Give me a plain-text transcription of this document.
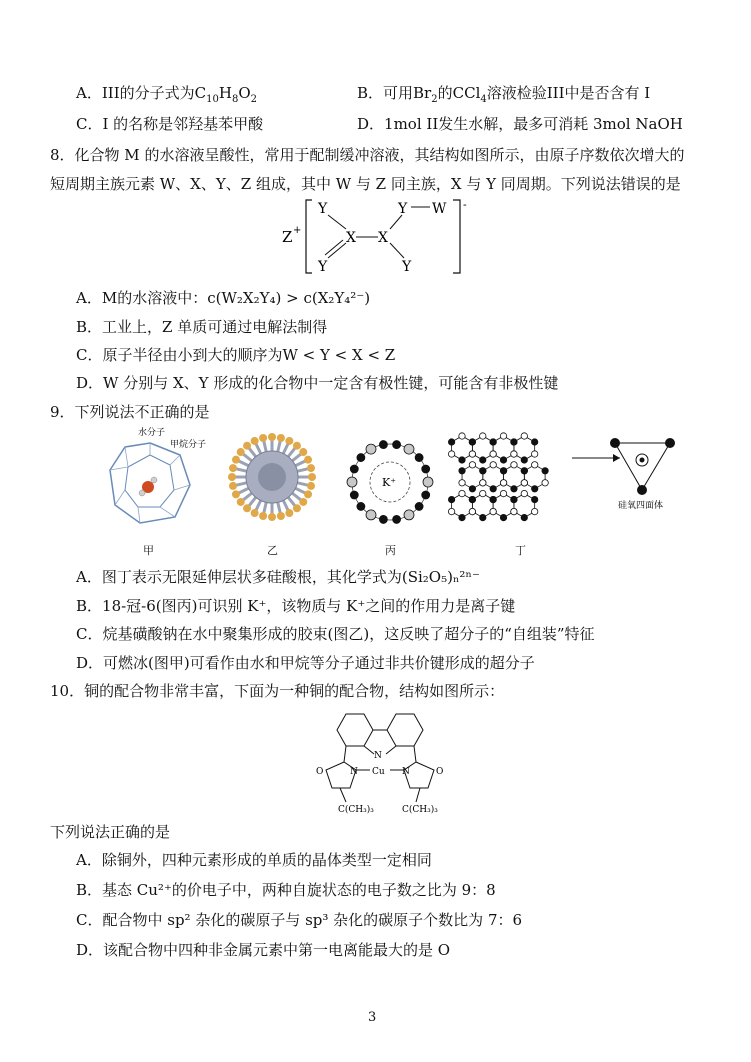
A．III的分子式为$C_{10}H_8O_2$	B．可用$Br_2$的CCl$_4$溶液检验III中是否含有 I
C．I 的名称是邻羟基苯甲酸	D．1mol II发生水解，最多可消耗 3mol NaOH
8．化合物 M 的水溶液呈酸性，常用于配制缓冲溶液，其结构如图所示，由原子序数依次增大的
短周期主族元素 W、X、Y、Z 组成，其中 W 与 Z 同主族，X 与 Y 同周期。下列说法错误的是
Z +
-
Y
Y
X X
Y
Y
W
A．M的水溶液中：c(W₂X₂Y₄) > c(X₂Y₄²⁻)
B．工业上，Z 单质可通过电解法制得
C．原子半径由小到大的顺序为W < Y < X < Z
D．W 分别与 X、Y 形成的化合物中一定含有极性键，可能含有非极性键
9．下列说法不正确的是
水分子
甲烷分子
甲	乙
K⁺
丙
硅氧四面体
丁
A．图丁表示无限延伸层状多硅酸根，其化学式为(Si₂O₅)ₙ²ⁿ⁻
B．18-冠-6(图丙)可识别 K⁺，该物质与 K⁺之间的作用力是离子键
C．烷基磺酸钠在水中聚集形成的胶束(图乙)，这反映了超分子的“自组装”特征
D．可燃冰(图甲)可看作由水和甲烷等分子通过非共价键形成的超分子
10．铜的配合物非常丰富，下面为一种铜的配合物，结构如图所示：
N
N	N
Cu
O	O
C(CH₃)₃	C(CH₃)₃
下列说法正确的是
A．除铜外，四种元素形成的单质的晶体类型一定相同
B．基态 Cu²⁺的价电子中，两种自旋状态的电子数之比为 9：8
C．配合物中 sp² 杂化的碳原子与 sp³ 杂化的碳原子个数比为 7：6
D．该配合物中四种非金属元素中第一电离能最大的是 O
3
